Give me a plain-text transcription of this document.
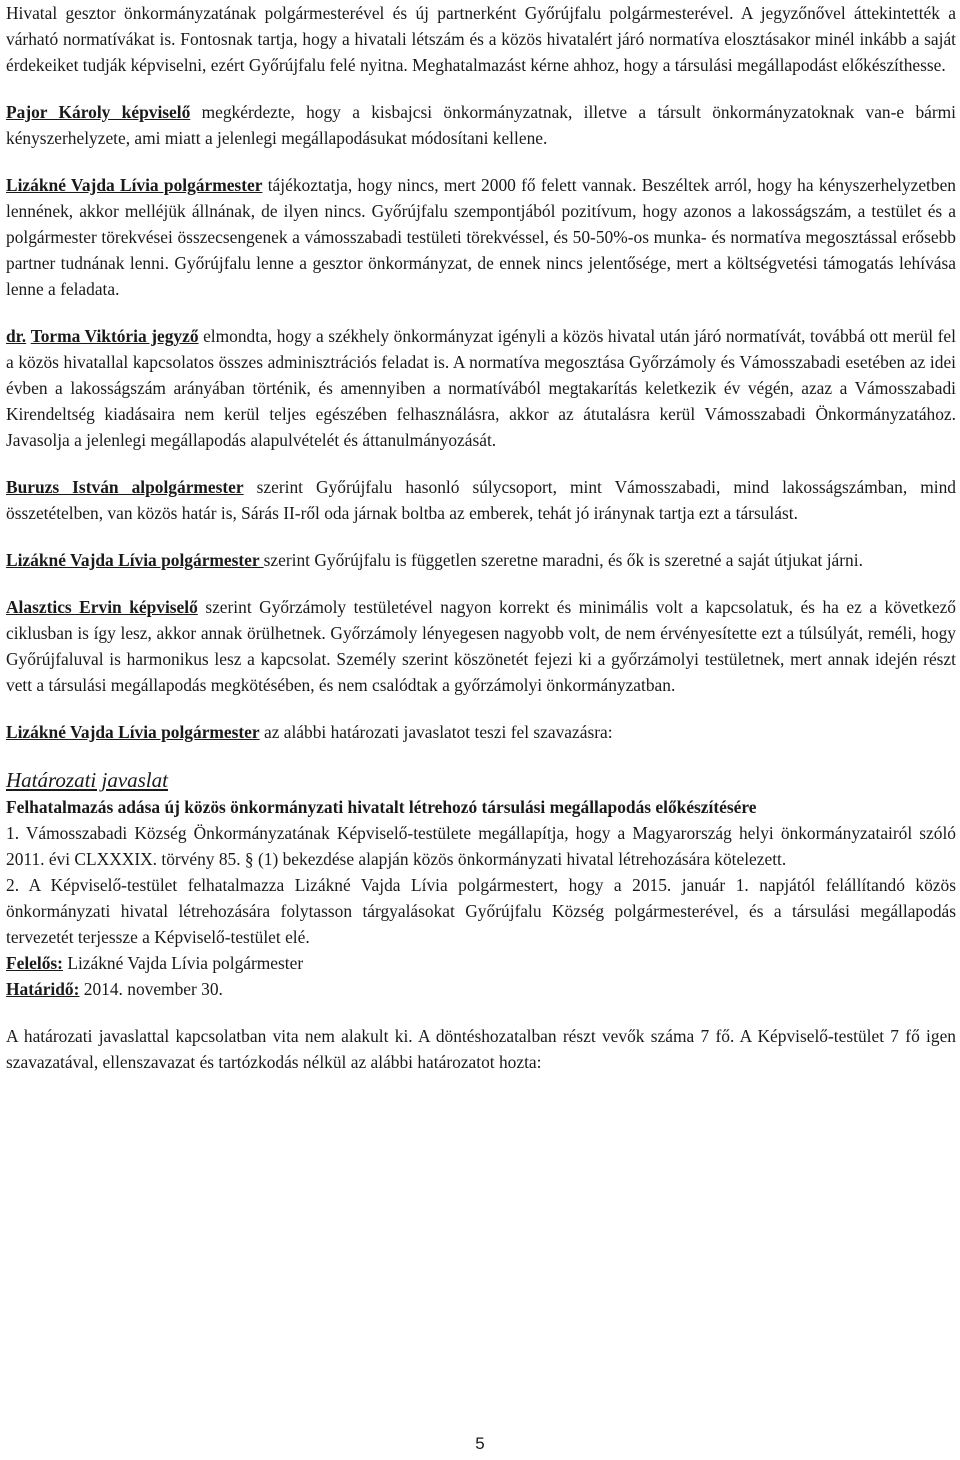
Hivatal gesztor önkormányzatának polgármesterével és új partnerként Győrújfalu polgármesterével. A jegyzőnővel áttekintették a várható normatívákat is. Fontosnak tartja, hogy a hivatali létszám és a közös hivatalért járó normatíva elosztásakor minél inkább a saját érdekeiket tudják képviselni, ezért Győrújfalu felé nyitna. Meghatalmazást kérne ahhoz, hogy a társulási megállapodást előkészíthesse.

Pajor Károly képviselő megkérdezte, hogy a kisbajcsi önkormányzatnak, illetve a társult önkormányzatoknak van-e bármi kényszerhelyzete, ami miatt a jelenlegi megállapodásukat módosítani kellene.

Lizákné Vajda Lívia polgármester tájékoztatja, hogy nincs, mert 2000 fő felett vannak. Beszéltek arról, hogy ha kényszerhelyzetben lennének, akkor melléjük állnának, de ilyen nincs. Győrújfalu szempontjából pozitívum, hogy azonos a lakosságszám, a testület és a polgármester törekvései összecsengenek a vámosszabadi testületi törekvéssel, és 50-50%-os munka- és normatíva megosztással erősebb partner tudnának lenni. Győrújfalu lenne a gesztor önkormányzat, de ennek nincs jelentősége, mert a költségvetési támogatás lehívása lenne a feladata.

dr. Torma Viktória jegyző elmondta, hogy a székhely önkormányzat igényli a közös hivatal után járó normatívát, továbbá ott merül fel a közös hivatallal kapcsolatos összes adminisztrációs feladat is. A normatíva megosztása Győrzámoly és Vámosszabadi esetében az idei évben a lakosságszám arányában történik, és amennyiben a normatívából megtakarítás keletkezik év végén, azaz a Vámosszabadi Kirendeltség kiadásaira nem kerül teljes egészében felhasználásra, akkor az átutalásra kerül Vámosszabadi Önkormányzatához. Javasolja a jelenlegi megállapodás alapulvételét és áttanulmányozását.

Buruzs István alpolgármester szerint Győrújfalu hasonló súlycsoport, mint Vámosszabadi, mind lakosságszámban, mind összetételben, van közös határ is, Sárás II-ről oda járnak boltba az emberek, tehát jó iránynak tartja ezt a társulást.

Lizákné Vajda Lívia polgármester szerint Győrújfalu is független szeretne maradni, és ők is szeretné a saját útjukat járni.

Alasztics Ervin képviselő szerint Győrzámoly testületével nagyon korrekt és minimális volt a kapcsolatuk, és ha ez a következő ciklusban is így lesz, akkor annak örülhetnek. Győrzámoly lényegesen nagyobb volt, de nem érvényesítette ezt a túlsúlyát, reméli, hogy Győrújfaluval is harmonikus lesz a kapcsolat. Személy szerint köszönetét fejezi ki a győrzámolyi testületnek, mert annak idején részt vett a társulási megállapodás megkötésében, és nem csalódtak a győrzámolyi önkormányzatban.

Lizákné Vajda Lívia polgármester az alábbi határozati javaslatot teszi fel szavazásra:

Határozati javaslat

Felhatalmazás adása új közös önkormányzati hivatalt létrehozó társulási megállapodás előkészítésére

1. Vámosszabadi Község Önkormányzatának Képviselő-testülete megállapítja, hogy a Magyarország helyi önkormányzatairól szóló 2011. évi CLXXXIX. törvény 85. § (1) bekezdése alapján közös önkormányzati hivatal létrehozására kötelezett.

2. A Képviselő-testület felhatalmazza Lizákné Vajda Lívia polgármestert, hogy a 2015. január 1. napjától felállítandó közös önkormányzati hivatal létrehozására folytasson tárgyalásokat Győrújfalu Község polgármesterével, és a társulási megállapodás tervezetét terjessze a Képviselő-testület elé.

Felelős: Lizákné Vajda Lívia polgármester

Határidő: 2014. november 30.

A határozati javaslattal kapcsolatban vita nem alakult ki. A döntéshozatalban részt vevők száma 7 fő. A Képviselő-testület 7 fő igen szavazatával, ellenszavazat és tartózkodás nélkül az alábbi határozatot hozta:

5
